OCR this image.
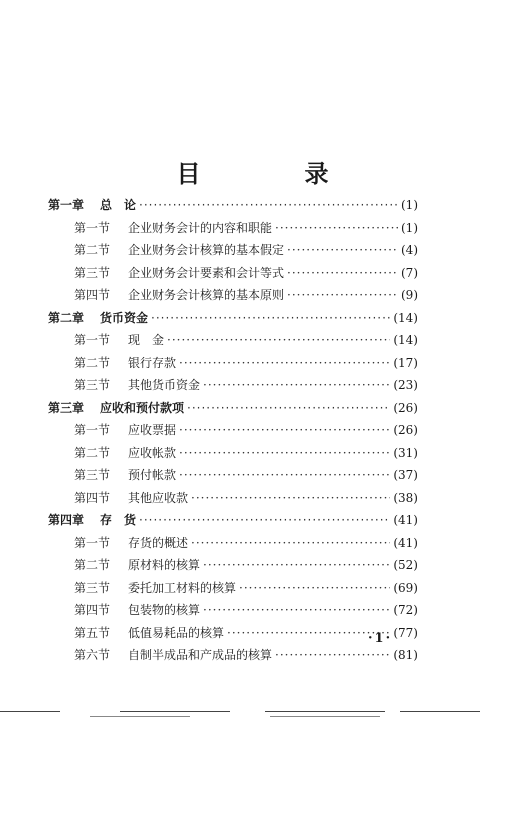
目　录
第一章	总　论 ·····	(1)
第一节	企业财务会计的内容和职能 ·····	(1)
第二节	企业财务会计核算的基本假定 ·····	(4)
第三节	企业财务会计要素和会计等式 ·····	(7)
第四节	企业财务会计核算的基本原则 ·····	(9)
第二章	货币资金 ·····	(14)
第一节	现　金 ·····	(14)
第二节	银行存款 ·····	(17)
第三节	其他货币资金 ·····	(23)
第三章	应收和预付款项 ·····	(26)
第一节	应收票据 ·····	(26)
第二节	应收帐款 ·····	(31)
第三节	预付帐款 ·····	(37)
第四节	其他应收款 ·····	(38)
第四章	存　货 ·····	(41)
第一节	存货的概述 ·····	(41)
第二节	原材料的核算 ·····	(52)
第三节	委托加工材料的核算 ·····	(69)
第四节	包装物的核算 ·····	(72)
第五节	低值易耗品的核算 ·····	(77)
第六节	自制半成品和产成品的核算 ·····	(81)
·1·
